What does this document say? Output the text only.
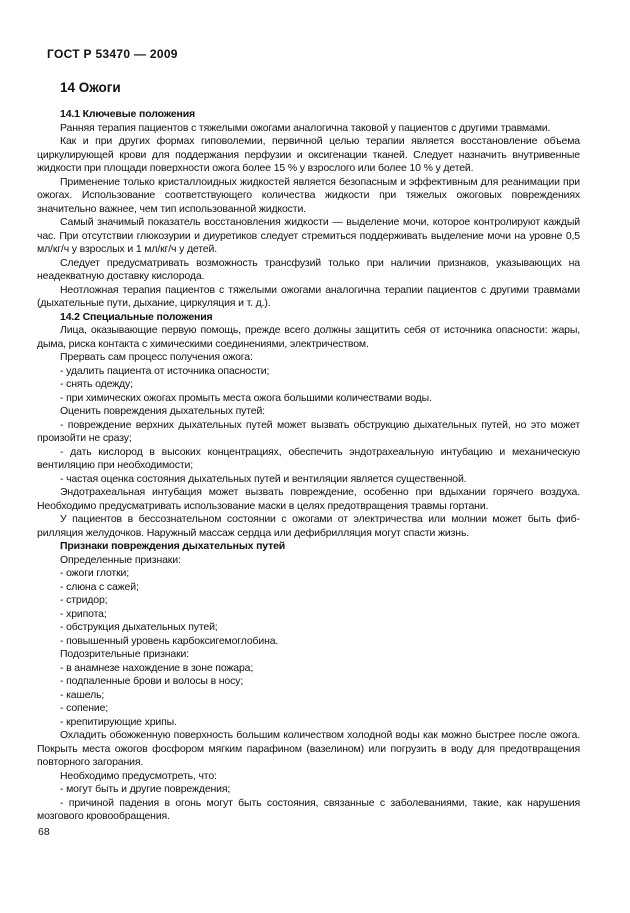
ГОСТ Р 53470 — 2009
14 Ожоги
14.1 Ключевые положения

Ранняя терапия пациентов с тяжелыми ожогами аналогична таковой у пациентов с другими травмами.

Как и при других формах гиповолемии, первичной целью терапии является восстановление объема циркулирующей крови для поддержания перфузии и оксигенации тканей. Следует назначить внутривенные жидкости при площади поверхности ожога более 15 % у взрослого или более 10 % у детей.

Применение только кристаллоидных жидкостей является безопасным и эффективным для реанимации при ожогах. Использование соответствующего количества жидкости при тяжелых ожоговых повреждениях значительно важнее, чем тип использованной жидкости.

Самый значимый показатель восстановления жидкости — выделение мочи, которое контролируют каждый час. При отсутствии глюкозурии и диуретиков следует стремиться поддерживать выделение мочи на уровне 0,5 мл/кг/ч у взрослых и 1 мл/кг/ч у детей.

Следует предусматривать возможность трансфузий только при наличии признаков, указывающих на неадекватную доставку кислорода.

Неотложная терапия пациентов с тяжелыми ожогами аналогична терапии пациентов с другими травмами (дыхательные пути, дыхание, циркуляция и т. д.).

14.2 Специальные положения

Лица, оказывающие первую помощь, прежде всего должны защитить себя от источника опасности: жары, дыма, риска контакта с химическими соединениями, электричеством.

Прервать сам процесс получения ожога:

- удалить пациента от источника опасности;

- снять одежду;

- при химических ожогах промыть места ожога большими количествами воды.

Оценить повреждения дыхательных путей:

- повреждение верхних дыхательных путей может вызвать обструкцию дыхательных путей, но это может произойти не сразу;

- дать кислород в высоких концентрациях, обеспечить эндотрахеальную интубацию и механическую вентиляцию при необходимости;

- частая оценка состояния дыхательных путей и вентиляции является существенной.

Эндотрахеальная интубация может вызвать повреждение, особенно при вдыхании горячего воздуха. Необходимо предусматривать использование маски в целях предотвращения травмы гортани.

У пациентов в бессознательном состоянии с ожогами от электричества или молнии может быть фибрилляция желудочков. Наружный массаж сердца или дефибрилляция могут спасти жизнь.

Признаки повреждения дыхательных путей

Определенные признаки:

- ожоги глотки;

- слюна с сажей;

- стридор;

- хрипота;

- обструкция дыхательных путей;

- повышенный уровень карбоксигемоглобина.

Подозрительные признаки:

- в анамнезе нахождение в зоне пожара;

- подпаленные брови и волосы в носу;

- кашель;

- сопение;

- крепитирующие хрипы.

Охладить обожженную поверхность большим количеством холодной воды как можно быстрее после ожога. Покрыть места ожогов фосфором мягким парафином (вазелином) или погрузить в воду для предотвращения повторного загорания.

Необходимо предусмотреть, что:

- могут быть и другие повреждения;

- причиной падения в огонь могут быть состояния, связанные с заболеваниями, такие, как нарушения мозгового кровообращения.

68
